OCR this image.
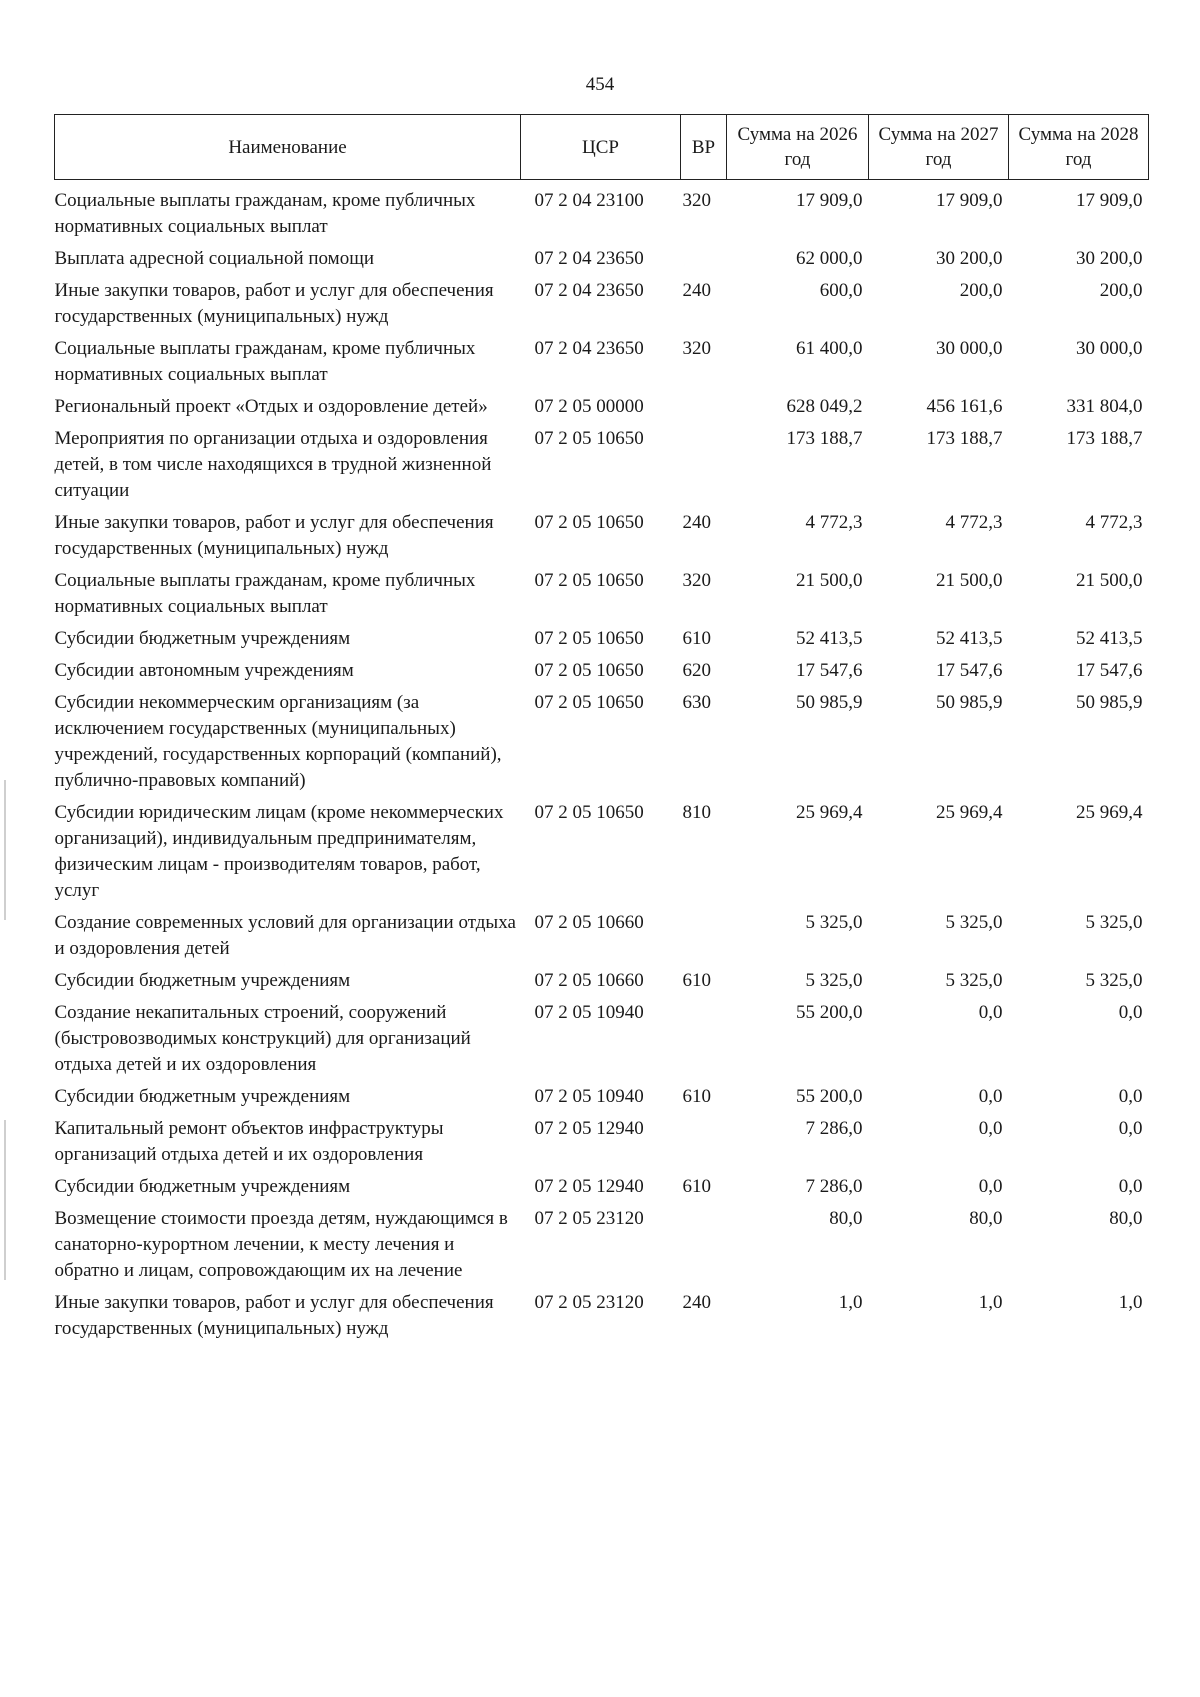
454
Наименование	ЦСР	ВР	Сумма на 2026 год	Сумма на 2027 год	Сумма на 2028 год
Социальные выплаты гражданам, кроме публичных нормативных социальных выплат	07 2 04 23100	320	17 909,0	17 909,0	17 909,0
Выплата адресной социальной помощи	07 2 04 23650		62 000,0	30 200,0	30 200,0
Иные закупки товаров, работ и услуг для обеспечения государственных (муниципальных) нужд	07 2 04 23650	240	600,0	200,0	200,0
Социальные выплаты гражданам, кроме публичных нормативных социальных выплат	07 2 04 23650	320	61 400,0	30 000,0	30 000,0
Региональный проект «Отдых и оздоровление детей»	07 2 05 00000		628 049,2	456 161,6	331 804,0
Мероприятия по организации отдыха и оздоровления детей, в том числе находящихся в трудной жизненной ситуации	07 2 05 10650		173 188,7	173 188,7	173 188,7
Иные закупки товаров, работ и услуг для обеспечения государственных (муниципальных) нужд	07 2 05 10650	240	4 772,3	4 772,3	4 772,3
Социальные выплаты гражданам, кроме публичных нормативных социальных выплат	07 2 05 10650	320	21 500,0	21 500,0	21 500,0
Субсидии бюджетным учреждениям	07 2 05 10650	610	52 413,5	52 413,5	52 413,5
Субсидии автономным учреждениям	07 2 05 10650	620	17 547,6	17 547,6	17 547,6
Субсидии некоммерческим организациям (за исключением государственных (муниципальных) учреждений, государственных корпораций (компаний), публично-правовых компаний)	07 2 05 10650	630	50 985,9	50 985,9	50 985,9
Субсидии юридическим лицам (кроме некоммерческих организаций), индивидуальным предпринимателям, физическим лицам - производителям товаров, работ, услуг	07 2 05 10650	810	25 969,4	25 969,4	25 969,4
Создание современных условий для организации отдыха и оздоровления детей	07 2 05 10660		5 325,0	5 325,0	5 325,0
Субсидии бюджетным учреждениям	07 2 05 10660	610	5 325,0	5 325,0	5 325,0
Создание некапитальных строений, сооружений (быстровозводимых конструкций) для организаций отдыха детей и их оздоровления	07 2 05 10940		55 200,0	0,0	0,0
Субсидии бюджетным учреждениям	07 2 05 10940	610	55 200,0	0,0	0,0
Капитальный ремонт объектов инфраструктуры организаций отдыха детей и их оздоровления	07 2 05 12940		7 286,0	0,0	0,0
Субсидии бюджетным учреждениям	07 2 05 12940	610	7 286,0	0,0	0,0
Возмещение стоимости проезда детям, нуждающимся в санаторно-курортном лечении, к месту лечения и обратно и лицам, сопровождающим их на лечение	07 2 05 23120		80,0	80,0	80,0
Иные закупки товаров, работ и услуг для обеспечения государственных (муниципальных) нужд	07 2 05 23120	240	1,0	1,0	1,0
